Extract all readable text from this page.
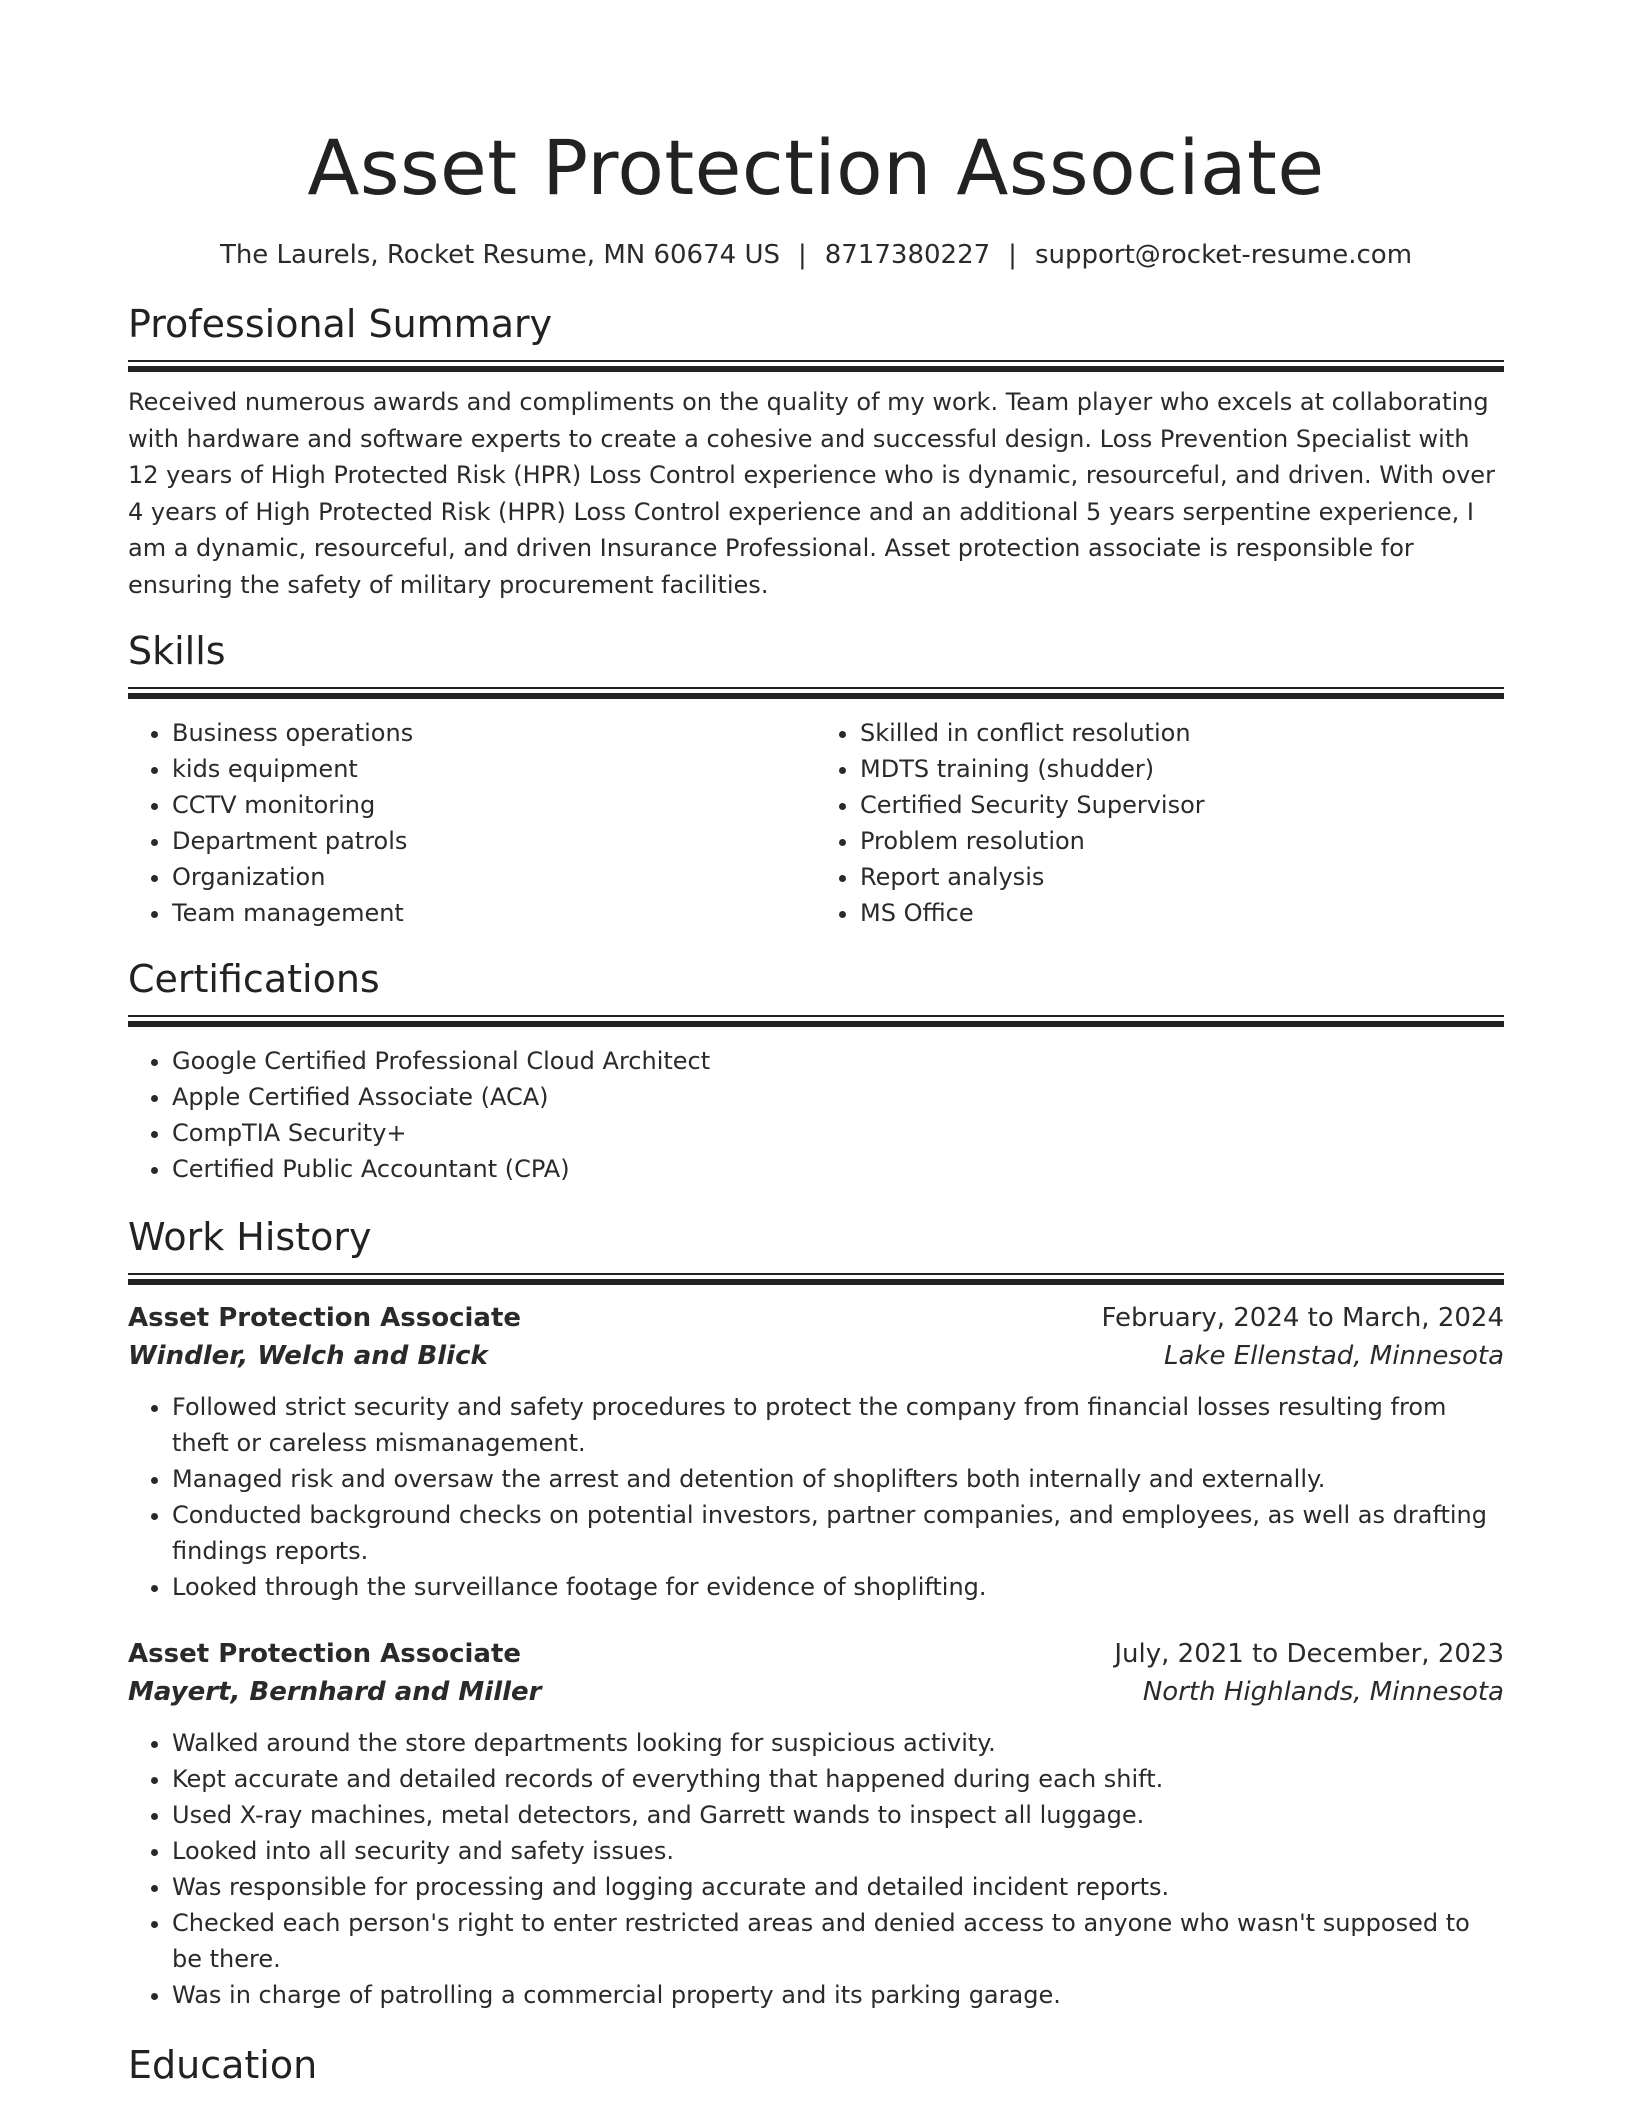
Asset Protection Associate
The Laurels, Rocket Resume, MN 60674 US | 8717380227 | support@rocket-resume.com
Professional Summary

Received numerous awards and compliments on the quality of my work. Team player who excels at collaborating with hardware and software experts to create a cohesive and successful design. Loss Prevention Specialist with 12 years of High Protected Risk (HPR) Loss Control experience who is dynamic, resourceful, and driven. With over 4 years of High Protected Risk (HPR) Loss Control experience and an additional 5 years serpentine experience, I am a dynamic, resourceful, and driven Insurance Professional. Asset protection associate is responsible for ensuring the safety of military procurement facilities.

Skills
• Business operations
• kids equipment
• CCTV monitoring
• Department patrols
• Organization
• Team management
• Skilled in conflict resolution
• MDTS training (shudder)
• Certified Security Supervisor
• Problem resolution
• Report analysis
• MS Office
Certifications
• Google Certified Professional Cloud Architect
• Apple Certified Associate (ACA)
• CompTIA Security+
• Certified Public Accountant (CPA)
Work History
Asset Protection Associate	February, 2024 to March, 2024
Windler, Welch and Blick	Lake Ellenstad, Minnesota
• Followed strict security and safety procedures to protect the company from financial losses resulting from theft or careless mismanagement.
• Managed risk and oversaw the arrest and detention of shoplifters both internally and externally.
• Conducted background checks on potential investors, partner companies, and employees, as well as drafting findings reports.
• Looked through the surveillance footage for evidence of shoplifting.
Asset Protection Associate	July, 2021 to December, 2023
Mayert, Bernhard and Miller	North Highlands, Minnesota
• Walked around the store departments looking for suspicious activity.
• Kept accurate and detailed records of everything that happened during each shift.
• Used X-ray machines, metal detectors, and Garrett wands to inspect all luggage.
• Looked into all security and safety issues.
• Was responsible for processing and logging accurate and detailed incident reports.
• Checked each person's right to enter restricted areas and denied access to anyone who wasn't supposed to be there.
• Was in charge of patrolling a commercial property and its parking garage.
Education
